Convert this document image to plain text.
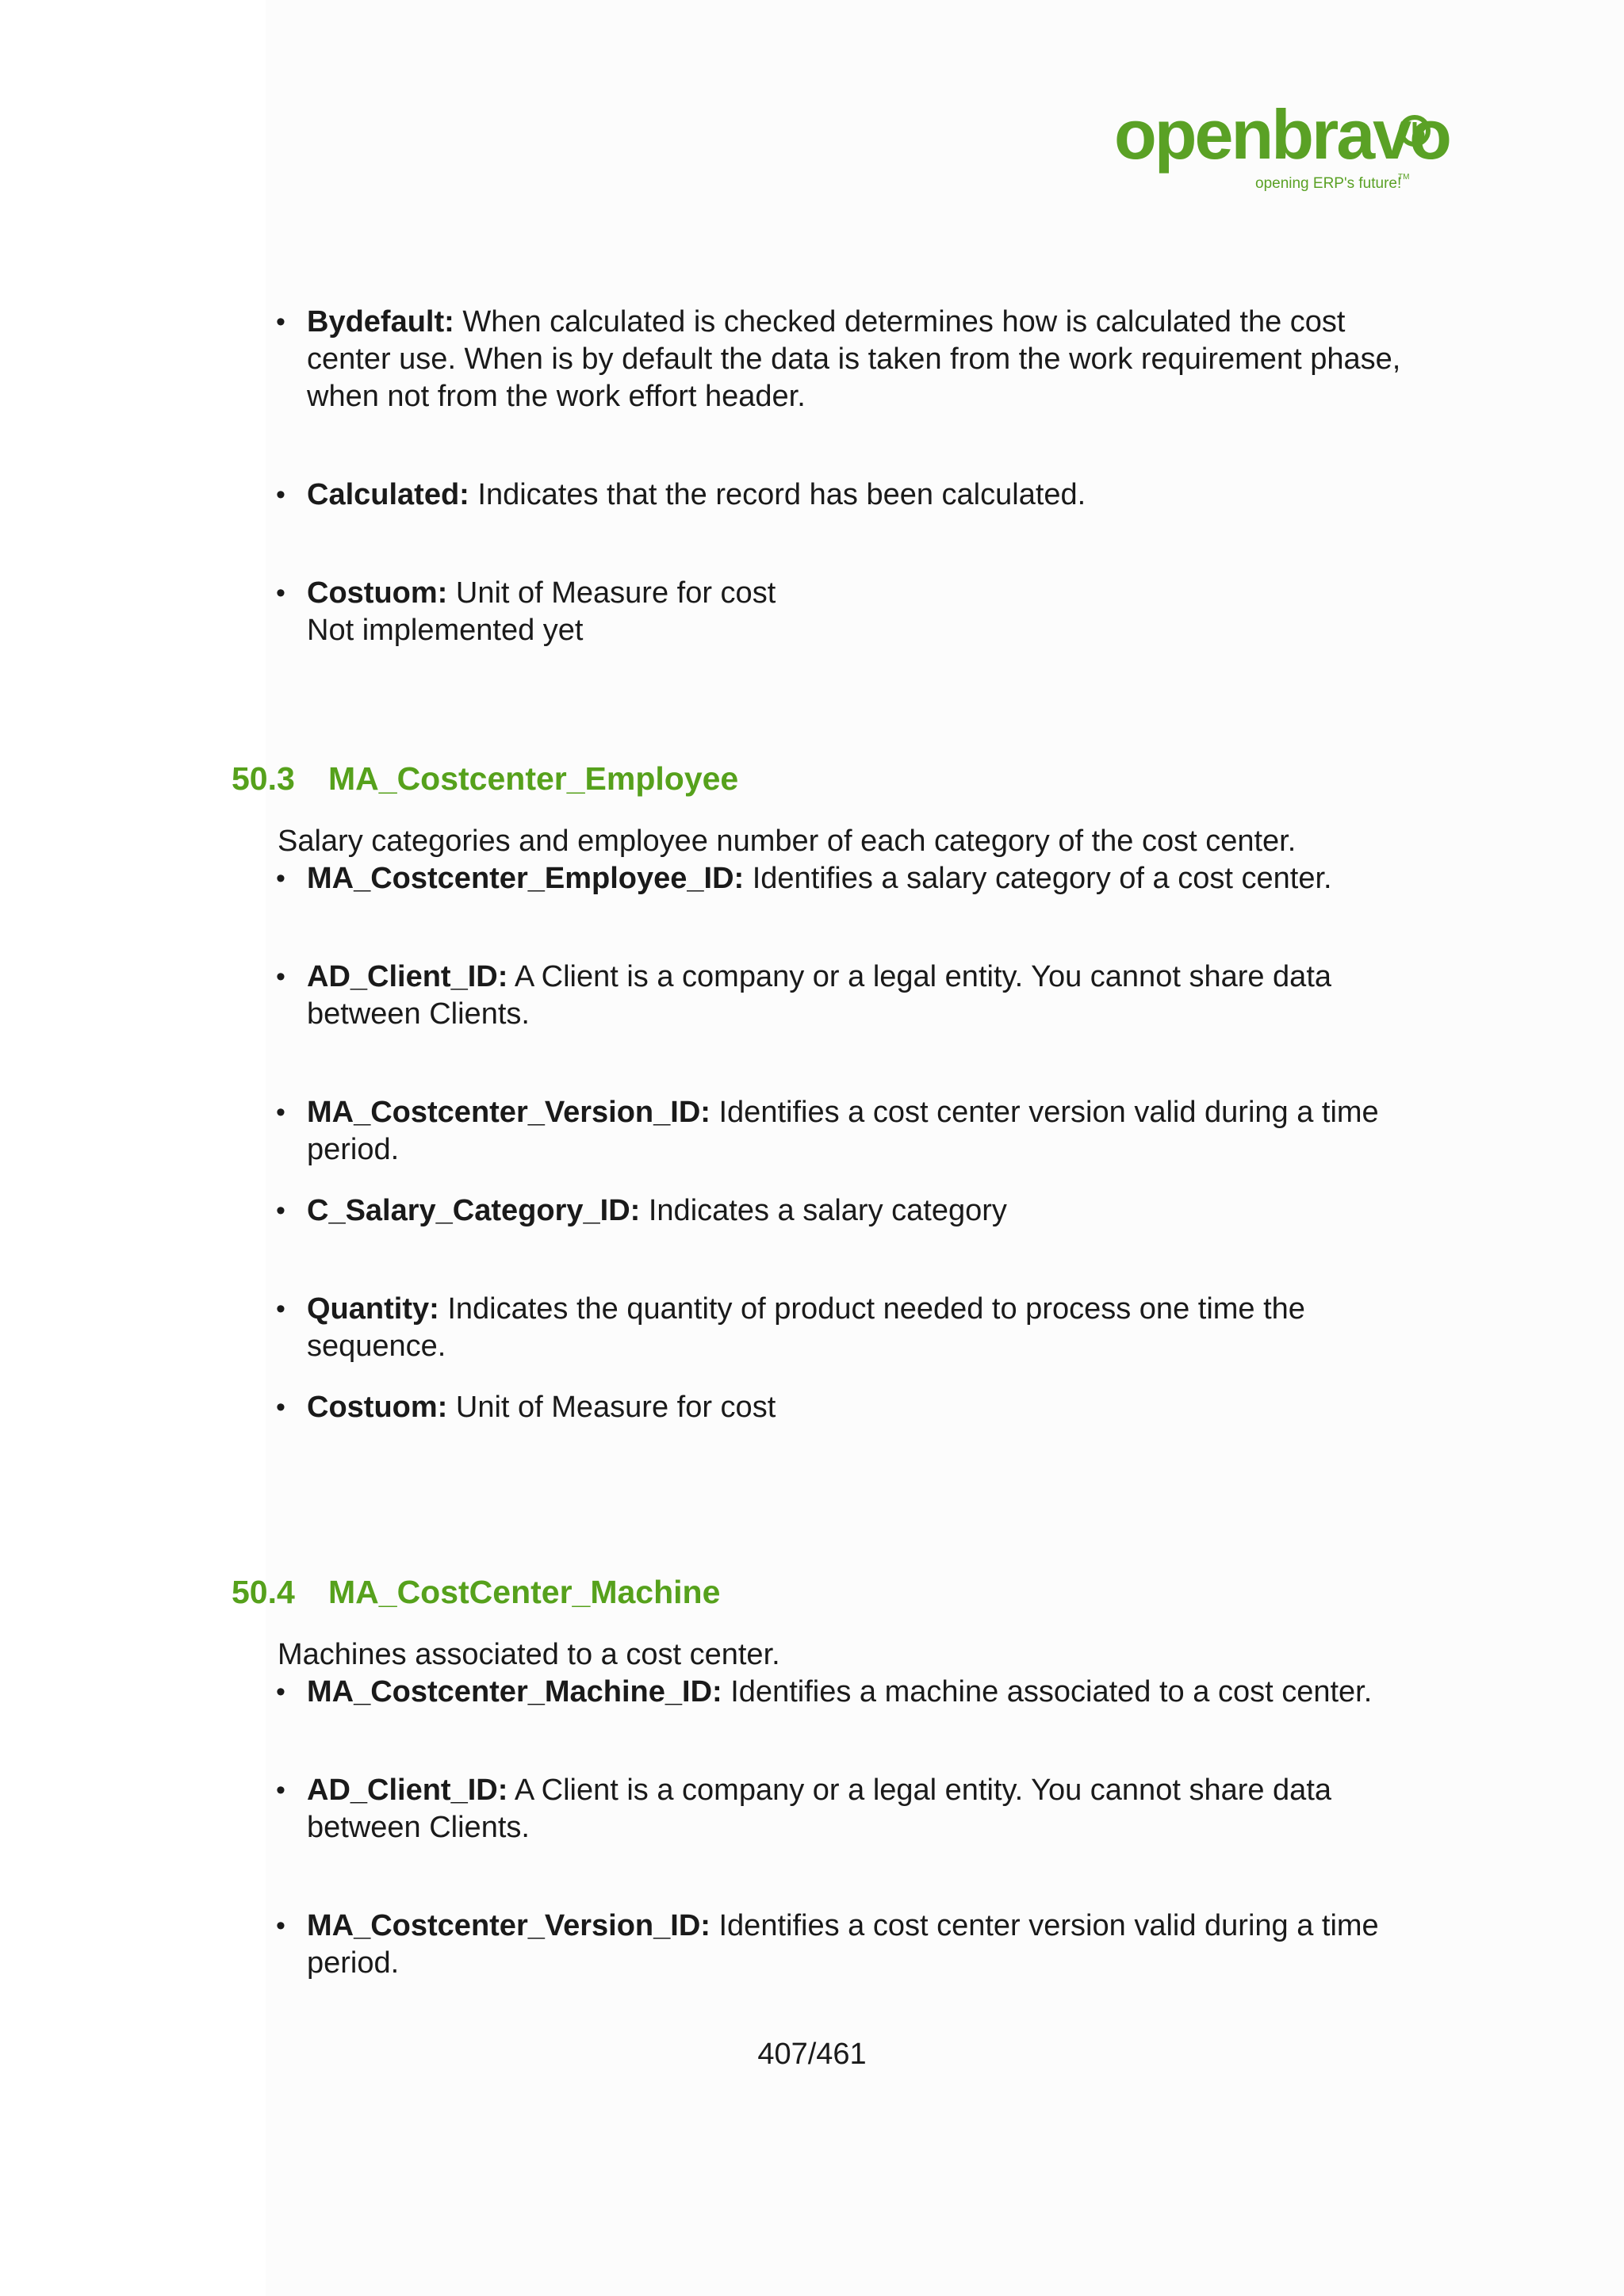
openbravo
opening ERP's future!
TM
• Bydefault: When calculated is checked determines how is calculated the cost center use. When is by default the data is taken from the work requirement phase, when not from the work effort header.
• Calculated: Indicates that the record has been calculated.
• Costuom: Unit of Measure for cost
Not implemented yet
50.3 MA_Costcenter_Employee
Salary categories and employee number of each category of the cost center.
• MA_Costcenter_Employee_ID: Identifies a salary category of a cost center.
• AD_Client_ID: A Client is a company or a legal entity. You cannot share data between Clients.
• MA_Costcenter_Version_ID: Identifies a cost center version valid during a time period.
• C_Salary_Category_ID: Indicates a salary category
• Quantity: Indicates the quantity of product needed to process one time the sequence.
• Costuom: Unit of Measure for cost
50.4 MA_CostCenter_Machine
Machines associated to a cost center.
• MA_Costcenter_Machine_ID: Identifies a machine associated to a cost center.
• AD_Client_ID: A Client is a company or a legal entity. You cannot share data between Clients.
• MA_Costcenter_Version_ID: Identifies a cost center version valid during a time period.
407/461
